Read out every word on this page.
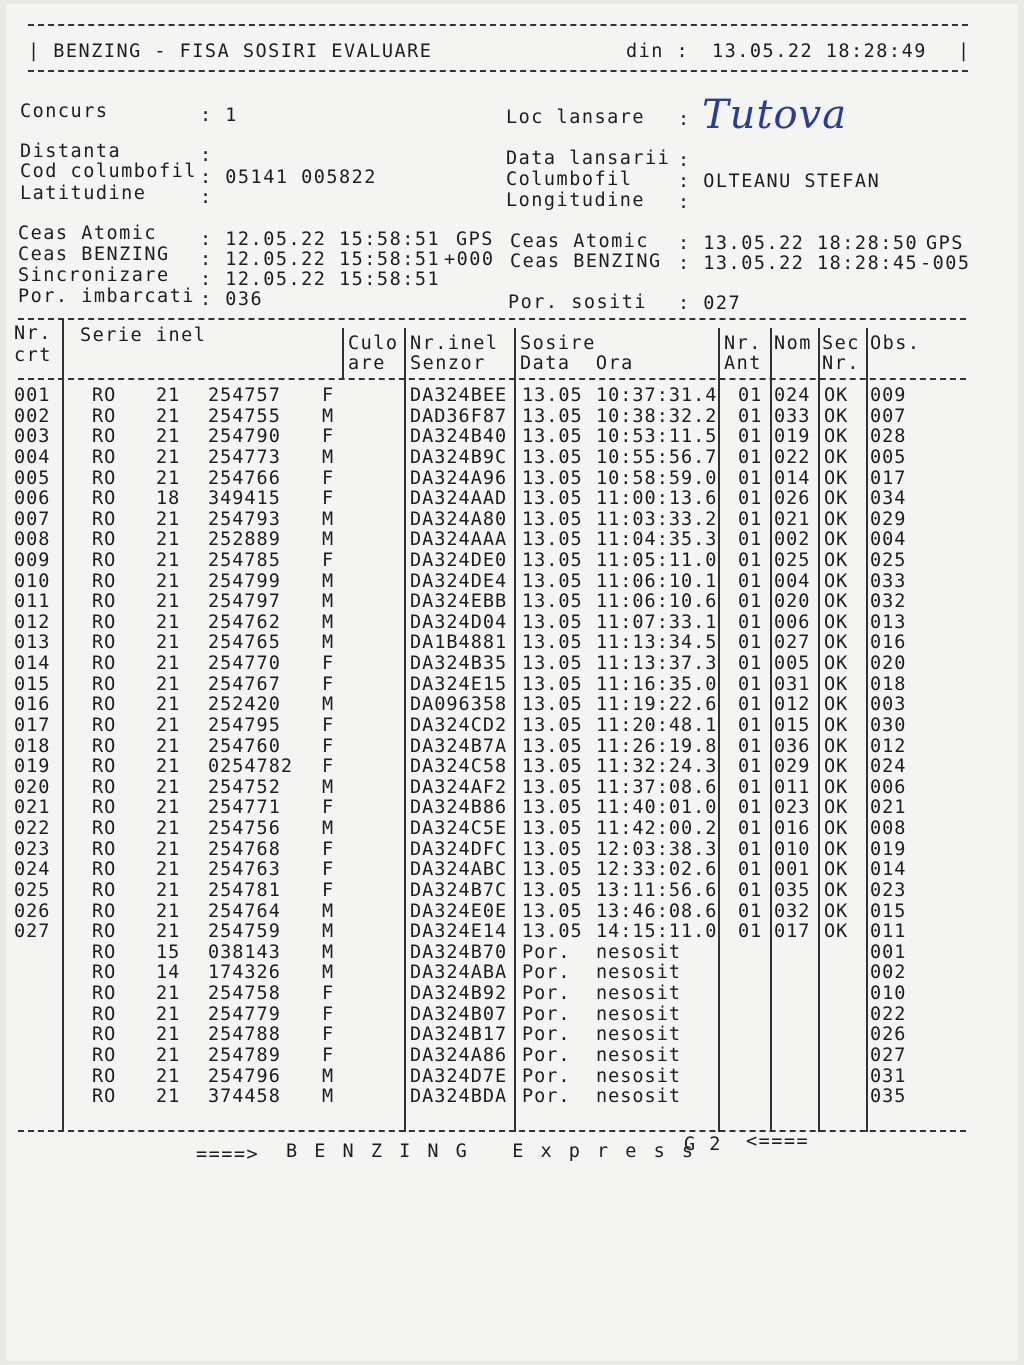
| BENZING - FISA SOSIRI EVALUARE	din : 13.05.22 18:28:49 |
Concurs	: 1
Distanta	:
Cod columbofil : 05141 005822
Latitudine	:
Loc lansare : Tutova
Data lansarii :
Columbofil : OLTEANU STEFAN
Longitudine :
Ceas Atomic : 12.05.22 15:58:51 GPS
Ceas BENZING : 12.05.22 15:58:51 +000
Sincronizare : 12.05.22 15:58:51
Por. imbarcati : 036
Ceas Atomic : 13.05.22 18:28:50 GPS
Ceas BENZING : 13.05.22 18:28:45 -005
Por. sositi : 027
Nr.
crt
Serie inel	Culo
are
Nr.inel
Senzor
Sosire
Data  Ora
Nr.
Ant
Nom Sec
Nr.
Obs.
001 RO 21 254757 F	DA324BEE 13.05 10:37:31.4 01 024 OK 009
002 RO 21 254755 M	DAD36F87 13.05 10:38:32.2 01 033 OK 007
003 RO 21 254790 F	DA324B40 13.05 10:53:11.5 01 019 OK 028
004 RO 21 254773 M	DA324B9C 13.05 10:55:56.7 01 022 OK 005
005 RO 21 254766 F	DA324A96 13.05 10:58:59.0 01 014 OK 017
006 RO 18 349415 F	DA324AAD 13.05 11:00:13.6 01 026 OK 034
007 RO 21 254793 M	DA324A80 13.05 11:03:33.2 01 021 OK 029
008 RO 21 252889 M	DA324AAA 13.05 11:04:35.3 01 002 OK 004
009 RO 21 254785 F	DA324DE0 13.05 11:05:11.0 01 025 OK 025
010 RO 21 254799 M	DA324DE4 13.05 11:06:10.1 01 004 OK 033
011 RO 21 254797 M	DA324EBB 13.05 11:06:10.6 01 020 OK 032
012 RO 21 254762 M	DA324D04 13.05 11:07:33.1 01 006 OK 013
013 RO 21 254765 M	DA1B4881 13.05 11:13:34.5 01 027 OK 016
014 RO 21 254770 F	DA324B35 13.05 11:13:37.3 01 005 OK 020
015 RO 21 254767 F	DA324E15 13.05 11:16:35.0 01 031 OK 018
016 RO 21 252420 M	DA096358 13.05 11:19:22.6 01 012 OK 003
017 RO 21 254795 F	DA324CD2 13.05 11:20:48.1 01 015 OK 030
018 RO 21 254760 F	DA324B7A 13.05 11:26:19.8 01 036 OK 012
019 RO 21 0254782 F	DA324C58 13.05 11:32:24.3 01 029 OK 024
020 RO 21 254752 M	DA324AF2 13.05 11:37:08.6 01 011 OK 006
021 RO 21 254771 F	DA324B86 13.05 11:40:01.0 01 023 OK 021
022 RO 21 254756 M	DA324C5E 13.05 11:42:00.2 01 016 OK 008
023 RO 21 254768 F	DA324DFC 13.05 12:03:38.3 01 010 OK 019
024 RO 21 254763 F	DA324ABC 13.05 12:33:02.6 01 001 OK 014
025 RO 21 254781 F	DA324B7C 13.05 13:11:56.6 01 035 OK 023
026 RO 21 254764 M	DA324E0E 13.05 13:46:08.6 01 032 OK 015
027 RO 21 254759 M	DA324E14 13.05 14:15:11.0 01 017 OK 011
RO 15 038143 M	DA324B70 Por. nesosit	001
RO 14 174326 M	DA324ABA Por. nesosit	002
RO 21 254758 F	DA324B92 Por. nesosit	010
RO 21 254779 F	DA324B07 Por. nesosit	022
RO 21 254788 F	DA324B17 Por. nesosit	026
RO 21 254789 F	DA324A86 Por. nesosit	027
RO 21 254796 M	DA324D7E Por. nesosit	031
RO 21 374458 M	DA324BDA Por. nesosit	035
====> B E N Z I N G   E x p r e s s
G 2 <====
